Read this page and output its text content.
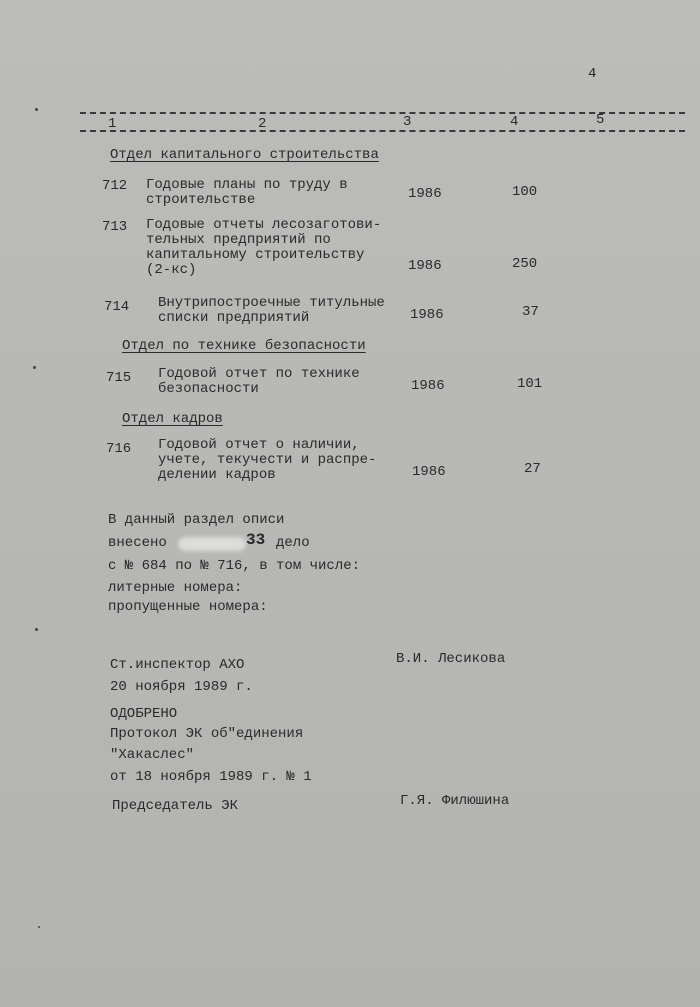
4
1	2	3	4	5
Отдел капитального строительства
712 Годовые планы по труду в
строительстве	1986	100
713 Годовые отчеты лесозаготови-
тельных предприятий по
капитальному строительству
(2-кс)	1986	250
714 Внутрипостроечные титульные
списки предприятий	1986	37
Отдел по технике безопасности
715 Годовой отчет по технике
безопасности	1986	101
Отдел кадров
716 Годовой отчет о наличии,
учете, текучести и распре-
делении кадров	1986	27
В данный раздел описи
внесено	33 дело
с № 684 по № 716, в том числе:
литерные номера:
пропущенные номера:
Ст.инспектор АХО
20 ноября 1989 г.
В.И. Лесикова
ОДОБРЕНО
Протокол ЭК об"единения
"Хакаслес"
от 18 ноября 1989 г. № 1
Председатель ЭК	Г.Я. Филюшина
